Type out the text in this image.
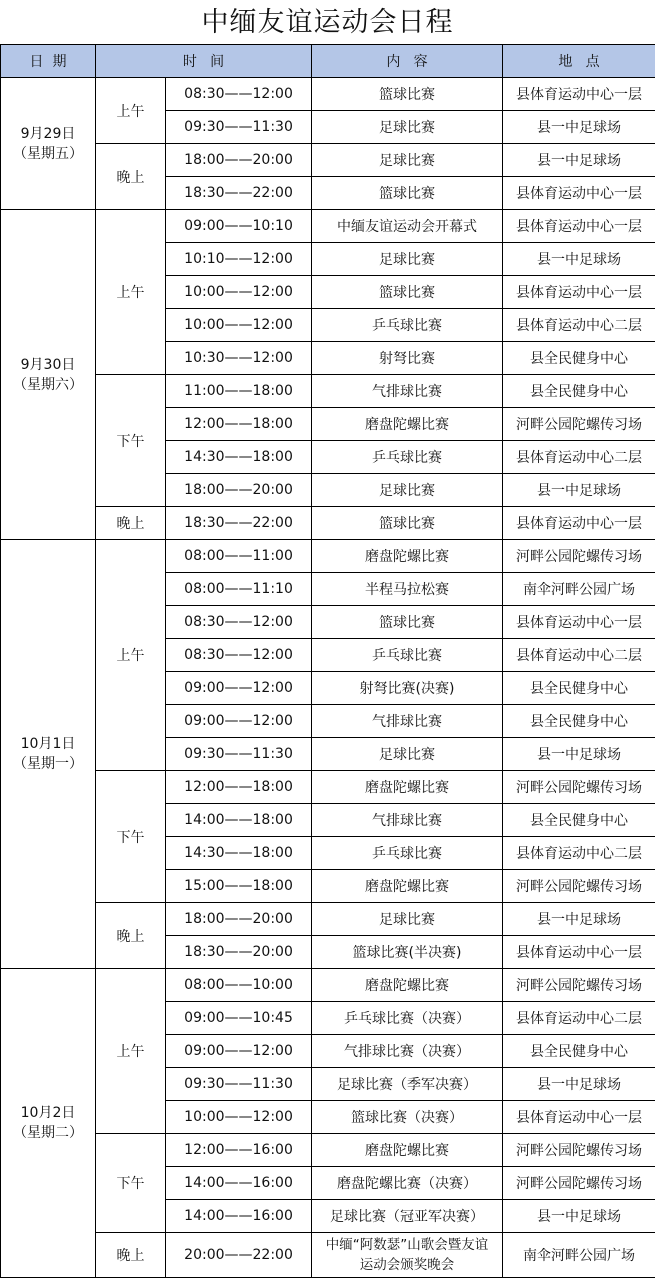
中缅友谊运动会日程
日  期	时   间		内   容	地   点

9月29日
（星期五）	上午	08:30——12:00	篮球比赛	县体育运动中心一层
		09:30——11:30	足球比赛	县一中足球场
	晚上	18:00——20:00	足球比赛	县一中足球场
		18:30——22:00	篮球比赛	县体育运动中心一层

9月30日
（星期六）	上午	09:00——10:10	中缅友谊运动会开幕式	县体育运动中心一层
		10:10——12:00	足球比赛	县一中足球场
		10:00——12:00	篮球比赛	县体育运动中心一层
		10:00——12:00	乒乓球比赛	县体育运动中心二层
		10:30——12:00	射弩比赛	县全民健身中心
	下午	11:00——18:00	气排球比赛	县全民健身中心
		12:00——18:00	磨盘陀螺比赛	河畔公园陀螺传习场
		14:30——18:00	乒乓球比赛	县体育运动中心二层
		18:00——20:00	足球比赛	县一中足球场
	晚上	18:30——22:00	篮球比赛	县体育运动中心一层

10月1日
（星期一）	上午	08:00——11:00	磨盘陀螺比赛	河畔公园陀螺传习场
		08:00——11:10	半程马拉松赛	南伞河畔公园广场
		08:30——12:00	篮球比赛	县体育运动中心一层
		08:30——12:00	乒乓球比赛	县体育运动中心二层
		09:00——12:00	射弩比赛(决赛)	县全民健身中心
		09:00——12:00	气排球比赛	县全民健身中心
		09:30——11:30	足球比赛	县一中足球场
	下午	12:00——18:00	磨盘陀螺比赛	河畔公园陀螺传习场
		14:00——18:00	气排球比赛	县全民健身中心
		14:30——18:00	乒乓球比赛	县体育运动中心二层
		15:00——18:00	磨盘陀螺比赛	河畔公园陀螺传习场
	晚上	18:00——20:00	足球比赛	县一中足球场
		18:30——20:00	篮球比赛(半决赛)	县体育运动中心一层

10月2日
（星期二）	上午	08:00——10:00	磨盘陀螺比赛	河畔公园陀螺传习场
		09:00——10:45	乒乓球比赛（决赛）	县体育运动中心二层
		09:00——12:00	气排球比赛（决赛）	县全民健身中心
		09:30——11:30	足球比赛（季军决赛）	县一中足球场
		10:00——12:00	篮球比赛（决赛）	县体育运动中心一层
	下午	12:00——16:00	磨盘陀螺比赛	河畔公园陀螺传习场
		14:00——16:00	磨盘陀螺比赛（决赛）	河畔公园陀螺传习场
		14:00——16:00	足球比赛（冠亚军决赛）	县一中足球场
	晚上	20:00——22:00	中缅“阿数瑟”山歌会暨友谊运动会颁奖晚会	南伞河畔公园广场
